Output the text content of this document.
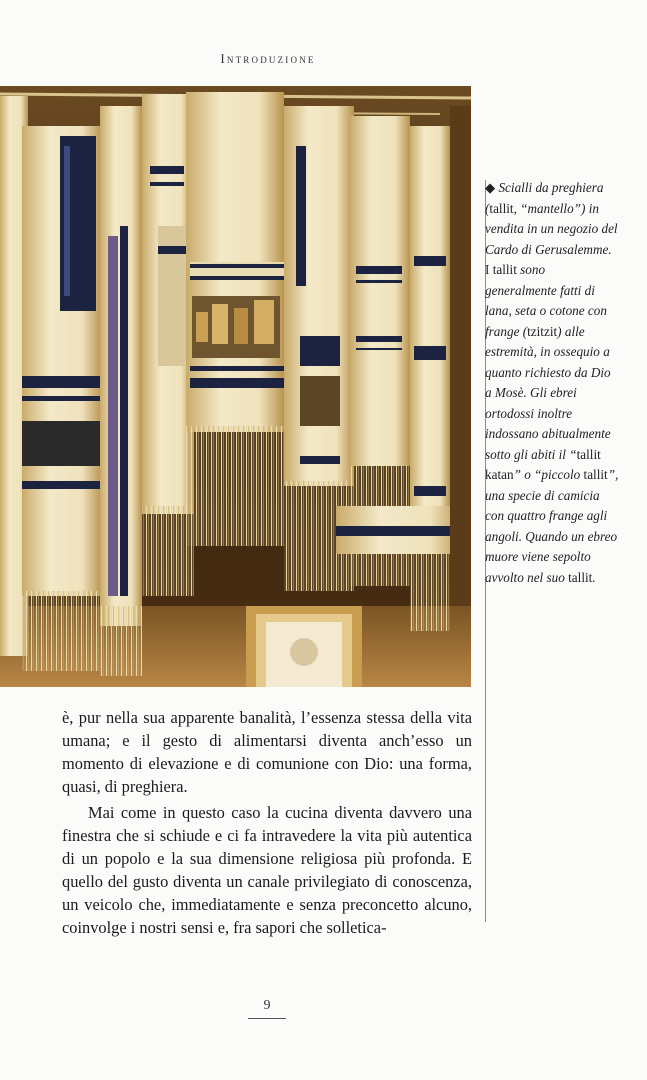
Introduzione
◆ Scialli da preghiera (tallit, “mantello”) in vendita in un negozio del Cardo di Gerusalemme. I tallit sono generalmente fatti di lana, seta o cotone con frange (tzitzit) alle estremità, in ossequio a quanto richiesto da Dio a Mosè. Gli ebrei ortodossi inoltre indossano abitualmente sotto gli abiti il “tallit katan” o “piccolo tallit”, una specie di camicia con quattro frange agli angoli. Quando un ebreo muore viene sepolto avvolto nel suo tallit.

è, pur nella sua apparente banalità, l’essenza stessa della vita umana; e il gesto di alimentarsi diventa anch’esso un momento di elevazione e di comunione con Dio: una forma, quasi, di preghiera.

Mai come in questo caso la cucina diventa davvero una finestra che si schiude e ci fa intravedere la vita più autentica di un popolo e la sua dimensione religiosa più profonda. E quello del gusto diventa un canale privilegiato di conoscenza, un veicolo che, immediatamente e senza preconcetto alcuno, coinvolge i nostri sensi e, fra sapori che solletica-

9
